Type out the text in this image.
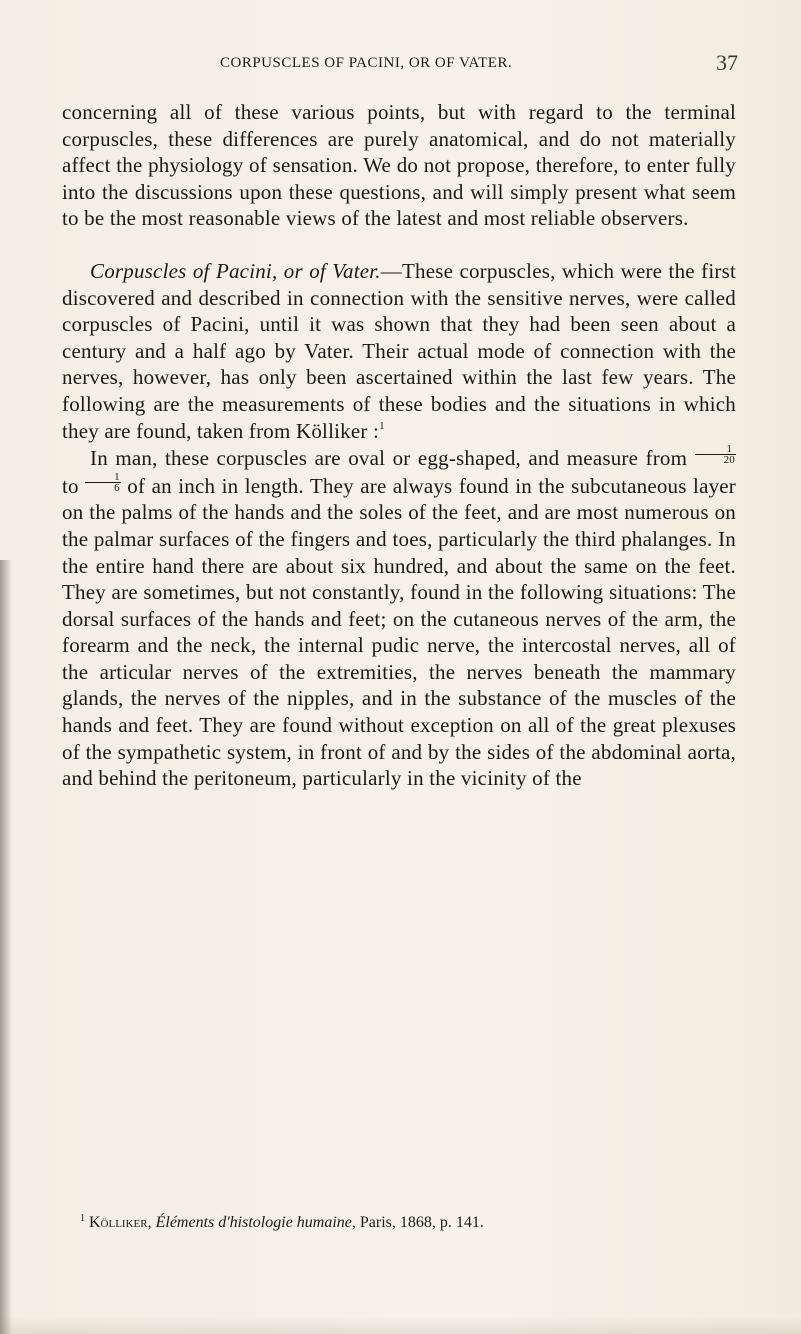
CORPUSCLES OF PACINI, OR OF VATER.	37

concerning all of these various points, but with regard to the terminal corpuscles, these differences are purely anatomical, and do not materially affect the physiology of sensation. We do not propose, therefore, to enter fully into the discussions upon these questions, and will simply present what seem to be the most reasonable views of the latest and most reliable observers.

Corpuscles of Pacini, or of Vater.—These corpuscles, which were the first discovered and described in connection with the sensitive nerves, were called corpuscles of Pacini, until it was shown that they had been seen about a century and a half ago by Vater. Their actual mode of connection with the nerves, however, has only been ascertained within the last few years. The following are the measurements of these bodies and the situations in which they are found, taken from Kölliker :$^1$

In man, these corpuscles are oval or egg-shaped, and measure from $\frac{1}{20}$
to $\frac{1}{6}$ of an inch in length. They are always found in the subcutaneous layer on the palms of the hands and the soles of the feet, and are most numerous on the palmar surfaces of the fingers and toes, particularly the third phalanges. In the entire hand there are about six hundred, and about the same on the feet. They are sometimes, but not constantly, found in the following situations: The dorsal surfaces of the hands and feet; on the cutaneous nerves of the arm, the forearm and the neck, the internal pudic nerve, the intercostal nerves, all of the articular nerves of the extremities, the nerves beneath the mammary glands, the nerves of the nipples, and in the substance of the muscles of the hands and feet. They are found without exception on all of the great plexuses of the sympathetic system, in front of and by the sides of the abdominal aorta, and behind the peritoneum, particularly in the vicinity of the

$^1$ Kölliker, Éléments d'histologie humaine, Paris, 1868, p. 141.
